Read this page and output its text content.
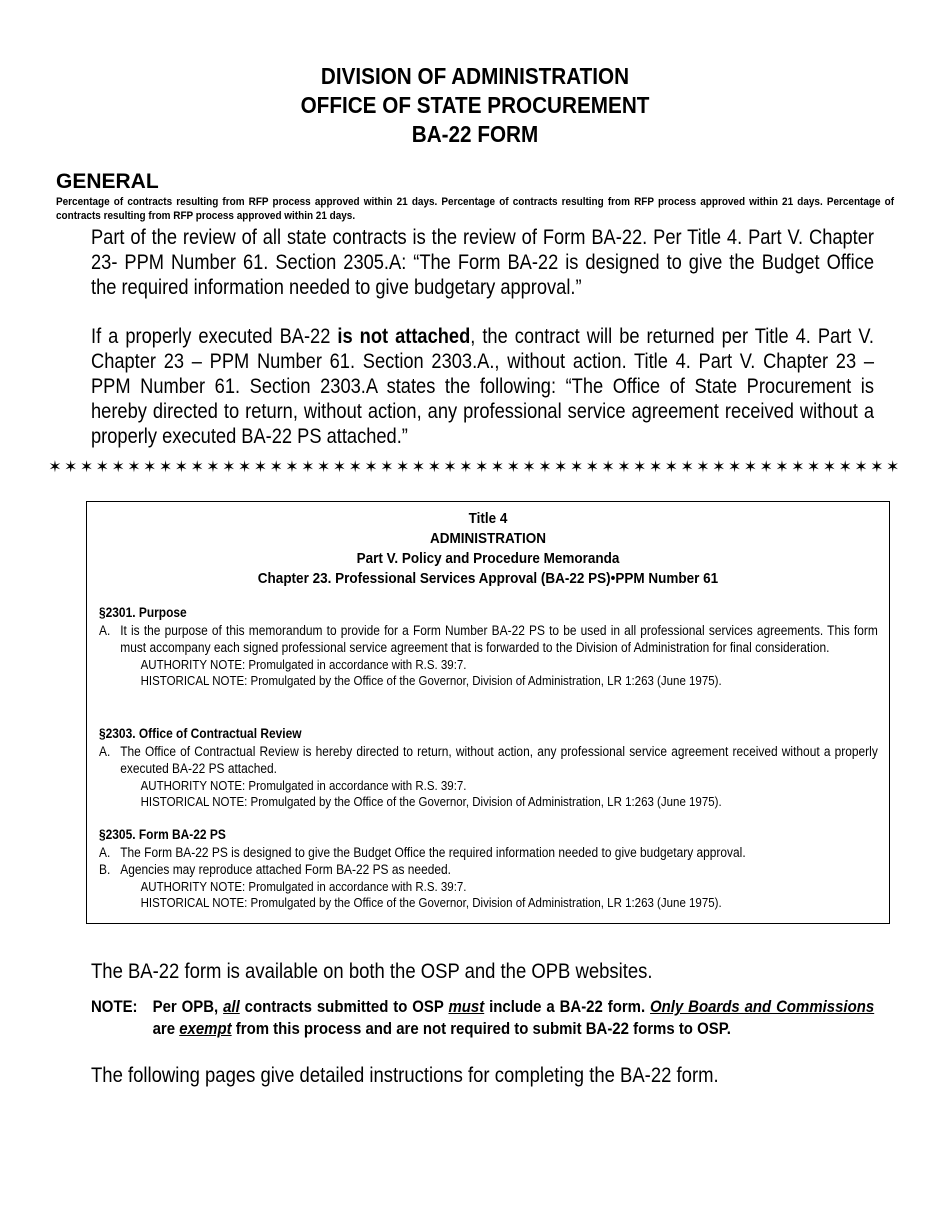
DIVISION OF ADMINISTRATION
OFFICE OF STATE PROCUREMENT
BA-22 FORM
GENERAL
Percentage of contracts resulting from RFP process approved within 21 days. Percentage of contracts resulting from RFP process approved within 21 days. Percentage of contracts resulting from RFP process approved within 21 days.
Part of the review of all state contracts is the review of Form BA-22. Per Title 4. Part V. Chapter 23- PPM Number 61. Section 2305.A: “The Form BA-22 is designed to give the Budget Office the required information needed to give budgetary approval.”
If a properly executed BA-22 is not attached, the contract will be returned per Title 4. Part V. Chapter 23 – PPM Number 61. Section 2303.A., without action. Title 4. Part V. Chapter 23 – PPM Number 61. Section 2303.A states the following: “The Office of State Procurement is hereby directed to return, without action, any professional service agreement received without a properly executed BA-22 PS attached.”
✶✶✶✶✶✶✶✶✶✶✶✶✶✶✶✶✶✶✶✶✶✶✶✶✶✶✶✶✶✶✶✶✶✶✶✶✶✶✶✶✶✶✶✶✶✶✶✶✶✶✶✶✶✶
Title 4
ADMINISTRATION
Part V. Policy and Procedure Memoranda
Chapter 23. Professional Services Approval (BA-22 PS)•PPM Number 61
§2301. Purpose
A. It is the purpose of this memorandum to provide for a Form Number BA-22 PS to be used in all professional services agreements. This form must accompany each signed professional service agreement that is forwarded to the Division of Administration for final consideration.
AUTHORITY NOTE: Promulgated in accordance with R.S. 39:7.
HISTORICAL NOTE: Promulgated by the Office of the Governor, Division of Administration, LR 1:263 (June 1975).
§2303. Office of Contractual Review
A. The Office of Contractual Review is hereby directed to return, without action, any professional service agreement received without a properly executed BA-22 PS attached.
AUTHORITY NOTE: Promulgated in accordance with R.S. 39:7.
HISTORICAL NOTE: Promulgated by the Office of the Governor, Division of Administration, LR 1:263 (June 1975).
§2305. Form BA-22 PS
A. The Form BA-22 PS is designed to give the Budget Office the required information needed to give budgetary approval.
B. Agencies may reproduce attached Form BA-22 PS as needed.
AUTHORITY NOTE: Promulgated in accordance with R.S. 39:7.
HISTORICAL NOTE: Promulgated by the Office of the Governor, Division of Administration, LR 1:263 (June 1975).
The BA-22 form is available on both the OSP and the OPB websites.
NOTE: Per OPB, all contracts submitted to OSP must include a BA-22 form. Only Boards and Commissions are exempt from this process and are not required to submit BA-22 forms to OSP.
The following pages give detailed instructions for completing the BA-22 form.
